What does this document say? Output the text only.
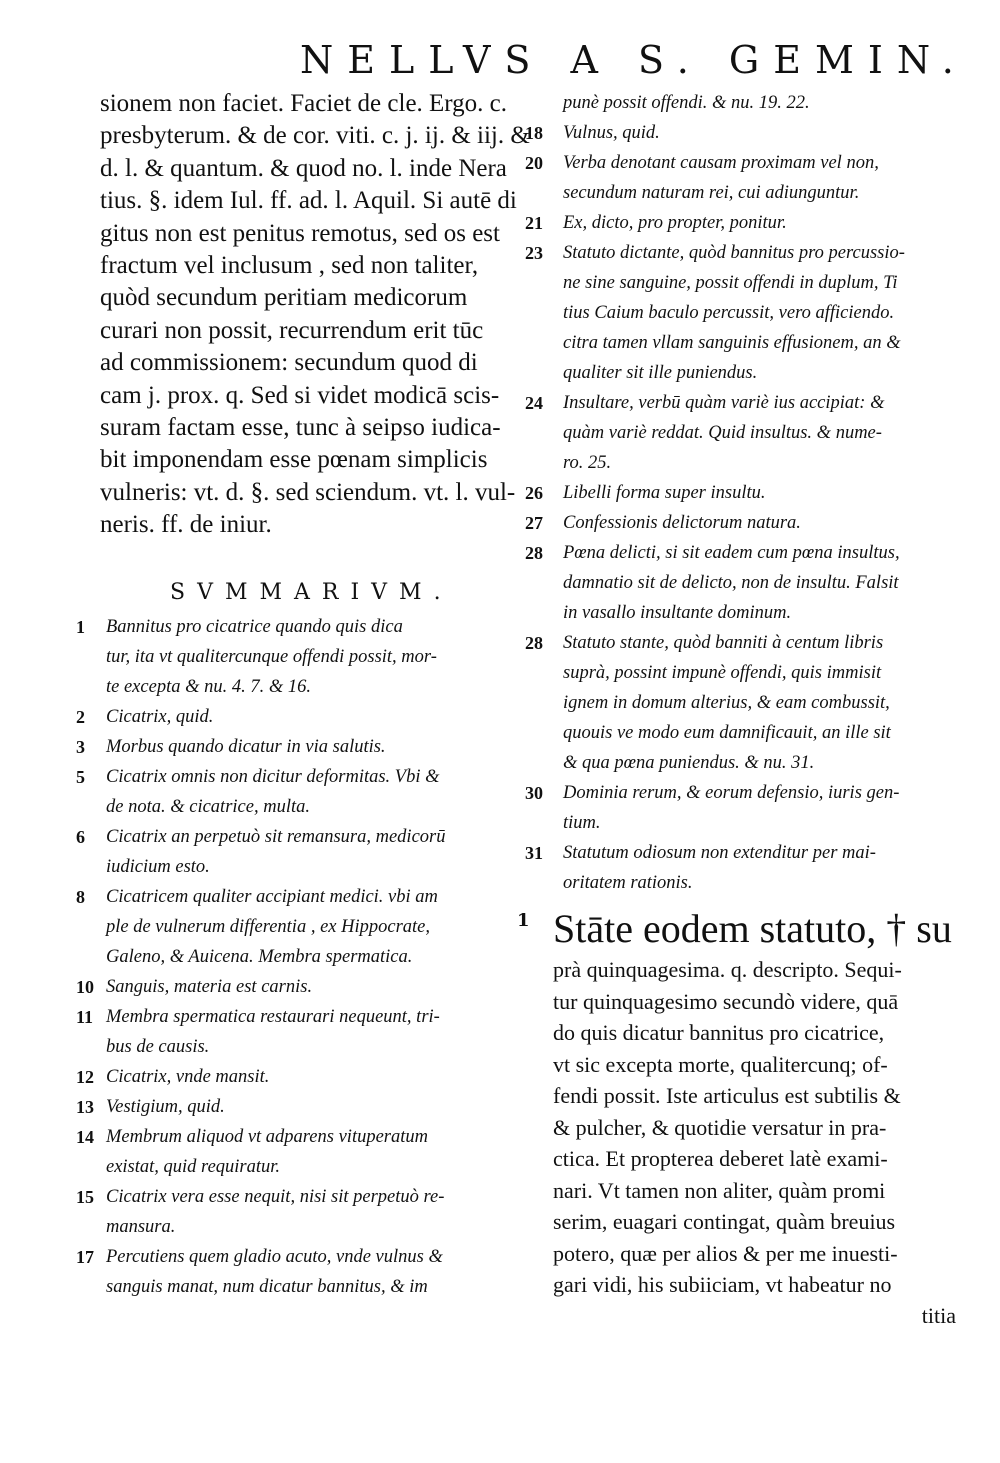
NELLVS A S. GEMIN.
sionem non faciet. Faciet de cle. Ergo. c.
presbyterum. & de cor. viti. c. j. ij. & iij. &
d. l. & quantum. & quod no. l. inde Nera
tius. §. idem Iul. ff. ad. l. Aquil. Si autē di
gitus non est penitus remotus, sed os est
fractum vel inclusum , sed non taliter,
quòd secundum peritiam medicorum
curari non possit, recurrendum erit tūc
ad commissionem: secundum quod di
cam j. prox. q. Sed si videt modicā scis-
suram factam esse, tunc à seipso iudica-
bit imponendam esse pœnam simplicis
vulneris: vt. d. §. sed sciendum. vt. l. vul-
neris. ff. de iniur.
SVMMARIVM.
1	Bannitus pro cicatrice quando quis dica
tur, ita vt qualitercunque offendi possit, mor-
te excepta & nu. 4. 7. & 16.
2	Cicatrix, quid.
3	Morbus quando dicatur in via salutis.
5	Cicatrix omnis non dicitur deformitas. Vbi &
de nota. & cicatrice, multa.
6	Cicatrix an perpetuò sit remansura, medicorū
iudicium esto.
8	Cicatricem qualiter accipiant medici. vbi am
ple de vulnerum differentia , ex Hippocrate,
Galeno, & Auicena. Membra spermatica.
10 Sanguis, materia est carnis.
11 Membra spermatica restaurari nequeunt, tri-
bus de causis.
12 Cicatrix, vnde mansit.
13 Vestigium, quid.
14 Membrum aliquod vt adparens vituperatum
existat, quid requiratur.
15 Cicatrix vera esse nequit, nisi sit perpetuò re-
mansura.
17 Percutiens quem gladio acuto, vnde vulnus &
sanguis manat, num dicatur bannitus, & im
punè possit offendi. & nu. 19. 22.
18	Vulnus, quid.
20	Verba denotant causam proximam vel non,
secundum naturam rei, cui adiunguntur.
21	Ex, dicto, pro propter, ponitur.
23	Statuto dictante, quòd bannitus pro percussio-
ne sine sanguine, possit offendi in duplum, Ti
tius Caium baculo percussit, vero afficiendo.
citra tamen vllam sanguinis effusionem, an &
qualiter sit ille puniendus.
24	Insultare, verbū quàm variè ius accipiat: &
quàm variè reddat. Quid insultus. & nume-
ro. 25.
26	Libelli forma super insultu.
27	Confessionis delictorum natura.
28	Pœna delicti, si sit eadem cum pœna insultus,
damnatio sit de delicto, non de insultu. Falsit
in vasallo insultante dominum.
28	Statuto stante, quòd banniti à centum libris
suprà, possint impunè offendi, quis immisit
ignem in domum alterius, & eam combussit,
quouis ve modo eum damnificauit, an ille sit
& qua pœna puniendus. & nu. 31.
30	Dominia rerum, & eorum defensio, iuris gen-
tium.
31	Statutum odiosum non extenditur per mai-
oritatem rationis.
1 Stāte eodem statuto, † su
prà quinquagesima. q. descripto. Sequi-
tur quinquagesimo secundò videre, quā
do quis dicatur bannitus pro cicatrice,
vt sic excepta morte, qualitercunq; of-
fendi possit. Iste articulus est subtilis &
& pulcher, & quotidie versatur in pra-
ctica. Et propterea deberet latè exami-
nari. Vt tamen non aliter, quàm promi
serim, euagari contingat, quàm breuius
potero, quæ per alios & per me inuesti-
gari vidi, his subiiciam, vt habeatur no
titia
